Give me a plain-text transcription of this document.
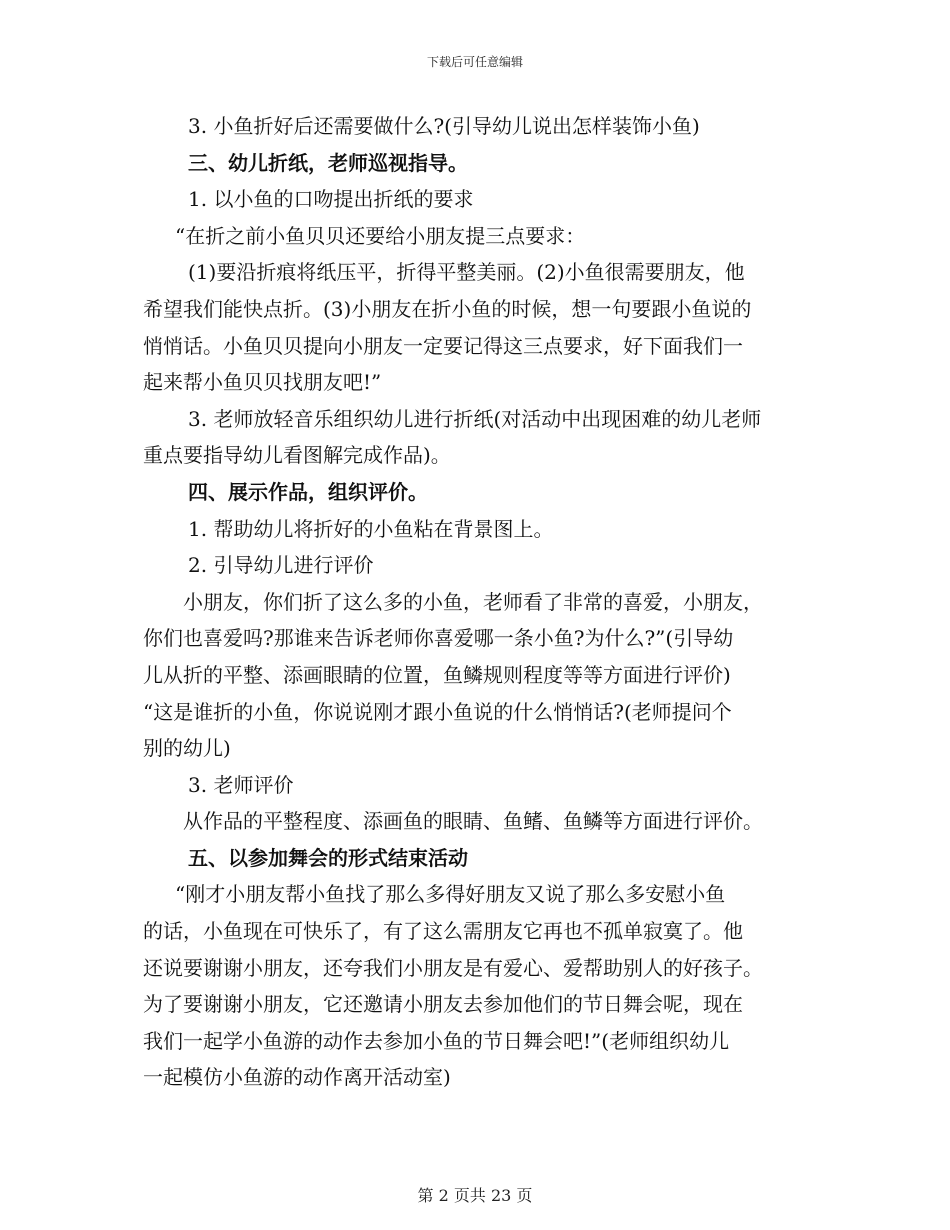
下载后可任意编辑
3. 小鱼折好后还需要做什么?(引导幼儿说出怎样装饰小鱼)
三、幼儿折纸，老师巡视指导。
1. 以小鱼的口吻提出折纸的要求
“在折之前小鱼贝贝还要给小朋友提三点要求：
(1)要沿折痕将纸压平，折得平整美丽。(2)小鱼很需要朋友，他
希望我们能快点折。(3)小朋友在折小鱼的时候，想一句要跟小鱼说的
悄悄话。小鱼贝贝提向小朋友一定要记得这三点要求，好下面我们一
起来帮小鱼贝贝找朋友吧!”
3. 老师放轻音乐组织幼儿进行折纸(对活动中出现困难的幼儿老师
重点要指导幼儿看图解完成作品)。
四、展示作品，组织评价。
1. 帮助幼儿将折好的小鱼粘在背景图上。
2. 引导幼儿进行评价
小朋友，你们折了这么多的小鱼，老师看了非常的喜爱，小朋友，
你们也喜爱吗?那谁来告诉老师你喜爱哪一条小鱼?为什么?”(引导幼
儿从折的平整、添画眼睛的位置，鱼鳞规则程度等等方面进行评价)
“这是谁折的小鱼，你说说刚才跟小鱼说的什么悄悄话?(老师提问个
别的幼儿)
3. 老师评价
从作品的平整程度、添画鱼的眼睛、鱼鳍、鱼鳞等方面进行评价。
五、以参加舞会的形式结束活动
“刚才小朋友帮小鱼找了那么多得好朋友又说了那么多安慰小鱼
的话，小鱼现在可快乐了，有了这么需朋友它再也不孤单寂寞了。他
还说要谢谢小朋友，还夸我们小朋友是有爱心、爱帮助别人的好孩子。
为了要谢谢小朋友，它还邀请小朋友去参加他们的节日舞会呢，现在
我们一起学小鱼游的动作去参加小鱼的节日舞会吧!”(老师组织幼儿
一起模仿小鱼游的动作离开活动室)
第 2 页共 23 页
